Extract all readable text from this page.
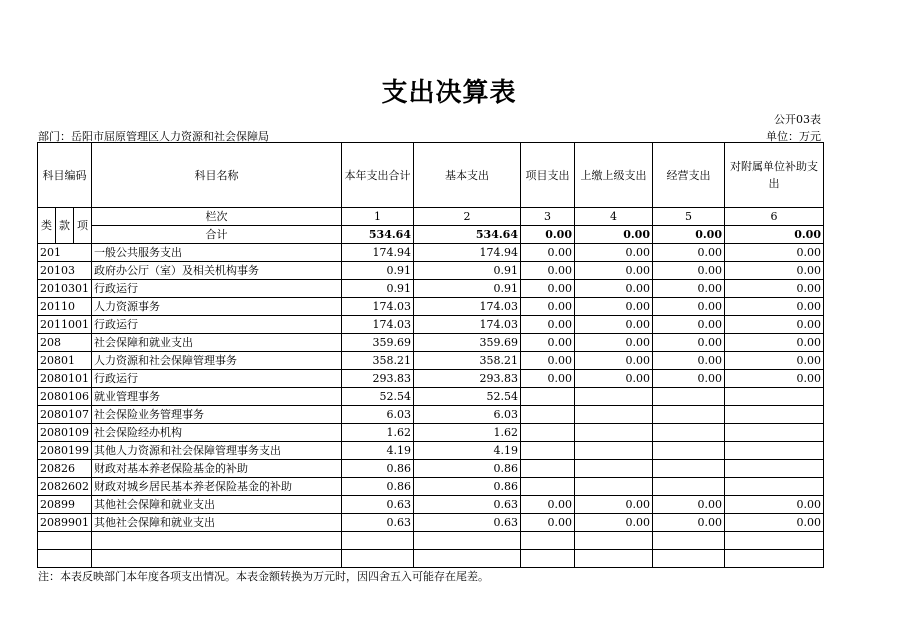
支出决算表
公开03表
部门：岳阳市屈原管理区人力资源和社会保障局	单位：万元
科目编码			科目名称	本年支出合计	基本支出	项目支出	上缴上级支出	经营支出	对附属单位补助支出
类	款	项	栏次	1	2	3	4	5	6
			合计	534.64	534.64	0.00	0.00	0.00	0.00
201			一般公共服务支出	174.94	174.94	0.00	0.00	0.00	0.00
20103			政府办公厅（室）及相关机构事务	0.91	0.91	0.00	0.00	0.00	0.00
2010301			行政运行	0.91	0.91	0.00	0.00	0.00	0.00
20110			人力资源事务	174.03	174.03	0.00	0.00	0.00	0.00
2011001			行政运行	174.03	174.03	0.00	0.00	0.00	0.00
208			社会保障和就业支出	359.69	359.69	0.00	0.00	0.00	0.00
20801			人力资源和社会保障管理事务	358.21	358.21	0.00	0.00	0.00	0.00
2080101			行政运行	293.83	293.83	0.00	0.00	0.00	0.00
2080106			就业管理事务	52.54	52.54				
2080107			社会保险业务管理事务	6.03	6.03				
2080109			社会保险经办机构	1.62	1.62				
2080199			其他人力资源和社会保障管理事务支出	4.19	4.19				
20826			财政对基本养老保险基金的补助	0.86	0.86				
2082602			财政对城乡居民基本养老保险基金的补助	0.86	0.86				
20899			其他社会保障和就业支出	0.63	0.63	0.00	0.00	0.00	0.00
2089901			其他社会保障和就业支出	0.63	0.63	0.00	0.00	0.00	0.00

注：本表反映部门本年度各项支出情况。本表金额转换为万元时，因四舍五入可能存在尾差。
